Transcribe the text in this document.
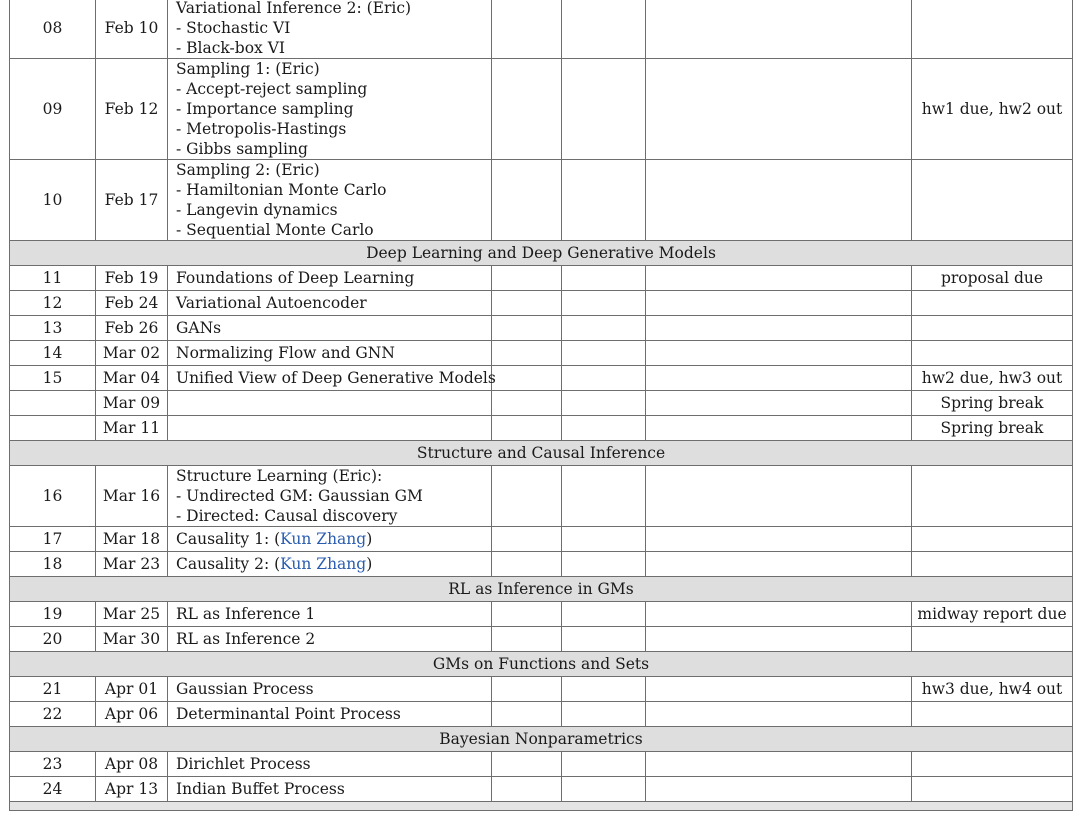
08	Feb 10	Variational Inference 2: (Eric)
- Stochastic VI
- Black-box VI				

09	Feb 12	Sampling 1: (Eric)
- Accept-reject sampling
- Importance sampling
- Metropolis-Hastings
- Gibbs sampling				hw1 due, hw2 out
10	Feb 17	Sampling 2: (Eric)
- Hamiltonian Monte Carlo
- Langevin dynamics
- Sequential Monte Carlo				

Deep Learning and Deep Generative Models						
11	Feb 19	Foundations of Deep Learning				proposal due
12	Feb 24	Variational Autoencoder				

13	Feb 26	GANs				

14	Mar 02	Normalizing Flow and GNN				

15	Mar 04	Unified View of Deep Generative Models				hw2 due, hw3 out
	Mar 09					Spring break
	Mar 11					Spring break
Structure and Causal Inference						
16	Mar 16	Structure Learning (Eric):
- Undirected GM: Gaussian GM
- Directed: Causal discovery				

17	Mar 18	Causality 1: (Kun Zhang)				
18	Mar 23	Causality 2: (Kun Zhang)				
RL as Inference in GMs						
19	Mar 25	RL as Inference 1				midway report due
20	Mar 30	RL as Inference 2				

GMs on Functions and Sets						
21	Apr 01	Gaussian Process				hw3 due, hw4 out
22	Apr 06	Determinantal Point Process				

Bayesian Nonparametrics						
23	Apr 08	Dirichlet Process				

24	Apr 13	Indian Buffet Process				
